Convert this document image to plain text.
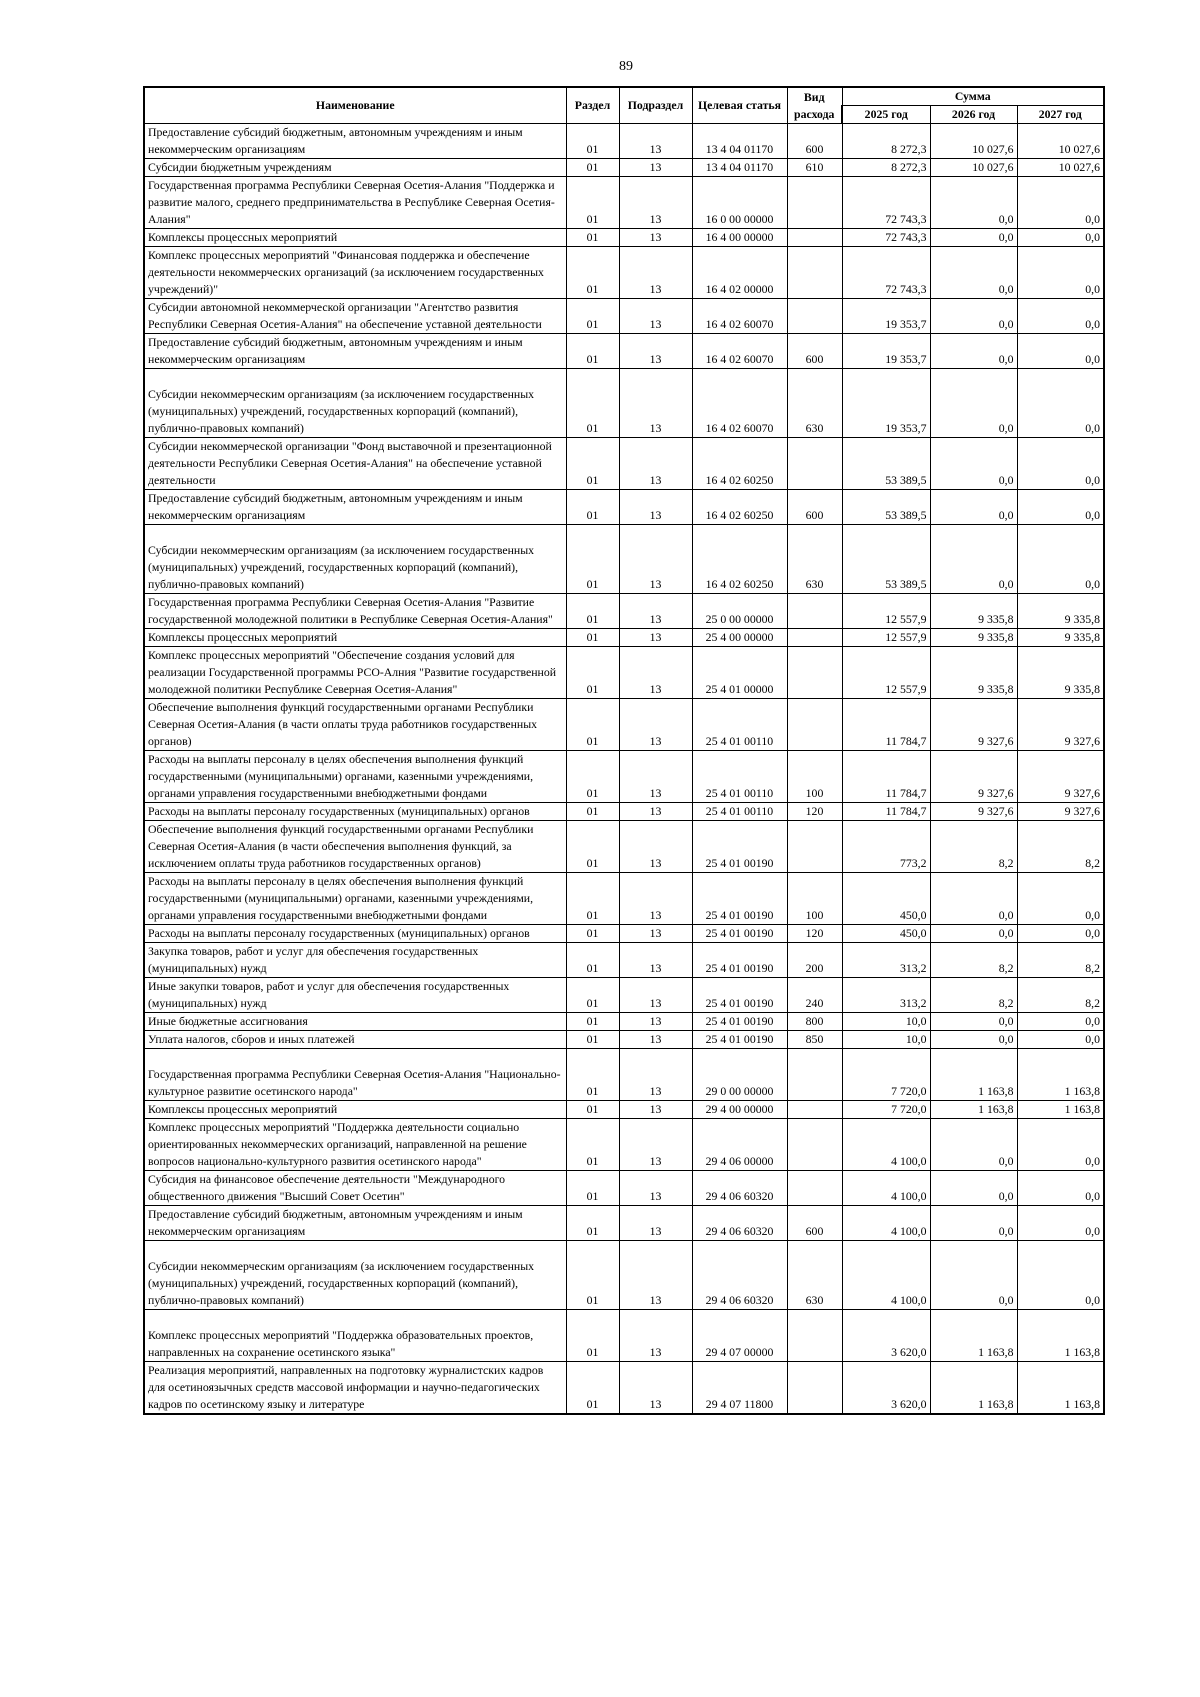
89
Наименование	Раздел	Подраздел	Целевая статья	Вид расхода	Сумма		
					2025 год	2026 год	2027 год
Предоставление субсидий бюджетным, автономным учреждениям и иным некоммерческим организациям	01	13	13 4 04 01170	600	8 272,3	10 027,6	10 027,6
Субсидии бюджетным учреждениям	01	13	13 4 04 01170	610	8 272,3	10 027,6	10 027,6
Государственная программа Республики Северная Осетия-Алания "Поддержка и развитие малого, среднего предпринимательства в Республике Северная Осетия-Алания"	01	13	16 0 00 00000		72 743,3	0,0	0,0
Комплексы процессных мероприятий	01	13	16 4 00 00000		72 743,3	0,0	0,0
Комплекс процессных мероприятий "Финансовая поддержка и обеспечение деятельности некоммерческих организаций (за исключением государственных учреждений)"	01	13	16 4 02 00000		72 743,3	0,0	0,0
Субсидии автономной некоммерческой организации "Агентство развития Республики Северная Осетия-Алания" на обеспечение уставной деятельности	01	13	16 4 02 60070		19 353,7	0,0	0,0
Предоставление субсидий бюджетным, автономным учреждениям и иным некоммерческим организациям	01	13	16 4 02 60070	600	19 353,7	0,0	0,0
Субсидии некоммерческим организациям (за исключением государственных (муниципальных) учреждений, государственных корпораций (компаний), публично-правовых компаний)	01	13	16 4 02 60070	630	19 353,7	0,0	0,0
Субсидии некоммерческой организации "Фонд выставочной и презентационной деятельности Республики Северная Осетия-Алания" на обеспечение уставной деятельности	01	13	16 4 02 60250		53 389,5	0,0	0,0
Предоставление субсидий бюджетным, автономным учреждениям и иным некоммерческим организациям	01	13	16 4 02 60250	600	53 389,5	0,0	0,0
Субсидии некоммерческим организациям (за исключением государственных (муниципальных) учреждений, государственных корпораций (компаний), публично-правовых компаний)	01	13	16 4 02 60250	630	53 389,5	0,0	0,0
Государственная программа Республики Северная Осетия-Алания "Развитие государственной молодежной политики в Республике Северная Осетия-Алания"	01	13	25 0 00 00000		12 557,9	9 335,8	9 335,8
Комплексы процессных мероприятий	01	13	25 4 00 00000		12 557,9	9 335,8	9 335,8
Комплекс процессных мероприятий "Обеспечение создания условий для реализации Государственной программы РСО-Алния "Развитие государственной молодежной политики Республике Северная Осетия-Алания"	01	13	25 4 01 00000		12 557,9	9 335,8	9 335,8
Обеспечение выполнения функций государственными органами Республики Северная Осетия-Алания (в части оплаты труда работников государственных органов)	01	13	25 4 01 00110		11 784,7	9 327,6	9 327,6
Расходы на выплаты персоналу в целях обеспечения выполнения функций государственными (муниципальными) органами, казенными учреждениями, органами управления государственными внебюджетными фондами	01	13	25 4 01 00110	100	11 784,7	9 327,6	9 327,6
Расходы на выплаты персоналу государственных (муниципальных) органов	01	13	25 4 01 00110	120	11 784,7	9 327,6	9 327,6
Обеспечение выполнения функций государственными органами Республики Северная Осетия-Алания (в части обеспечения выполнения функций, за исключением оплаты труда работников государственных органов)	01	13	25 4 01 00190		773,2	8,2	8,2
Расходы на выплаты персоналу в целях обеспечения выполнения функций государственными (муниципальными) органами, казенными учреждениями, органами управления государственными внебюджетными фондами	01	13	25 4 01 00190	100	450,0	0,0	0,0
Расходы на выплаты персоналу государственных (муниципальных) органов	01	13	25 4 01 00190	120	450,0	0,0	0,0
Закупка товаров, работ и услуг для обеспечения государственных (муниципальных) нужд	01	13	25 4 01 00190	200	313,2	8,2	8,2
Иные закупки товаров, работ и услуг для обеспечения государственных (муниципальных) нужд	01	13	25 4 01 00190	240	313,2	8,2	8,2
Иные бюджетные ассигнования	01	13	25 4 01 00190	800	10,0	0,0	0,0
Уплата налогов, сборов и иных платежей	01	13	25 4 01 00190	850	10,0	0,0	0,0
Государственная программа Республики Северная Осетия-Алания "Национально-культурное развитие осетинского народа"	01	13	29 0 00 00000		7 720,0	1 163,8	1 163,8
Комплексы процессных мероприятий	01	13	29 4 00 00000		7 720,0	1 163,8	1 163,8
Комплекс процессных мероприятий "Поддержка деятельности социально ориентированных некоммерческих организаций, направленной на решение вопросов национально-культурного развития осетинского народа"	01	13	29 4 06 00000		4 100,0	0,0	0,0
Субсидия на финансовое обеспечение деятельности "Международного общественного движения "Высший Совет Осетин"	01	13	29 4 06 60320		4 100,0	0,0	0,0
Предоставление субсидий бюджетным, автономным учреждениям и иным некоммерческим организациям	01	13	29 4 06 60320	600	4 100,0	0,0	0,0
Субсидии некоммерческим организациям (за исключением государственных (муниципальных) учреждений, государственных корпораций (компаний), публично-правовых компаний)	01	13	29 4 06 60320	630	4 100,0	0,0	0,0
Комплекс процессных мероприятий "Поддержка образовательных проектов, направленных на сохранение осетинского языка"	01	13	29 4 07 00000		3 620,0	1 163,8	1 163,8
Реализация мероприятий, направленных на подготовку журналистских кадров для осетиноязычных средств массовой информации и научно-педагогических кадров по осетинскому языку и литературе	01	13	29 4 07 11800		3 620,0	1 163,8	1 163,8
